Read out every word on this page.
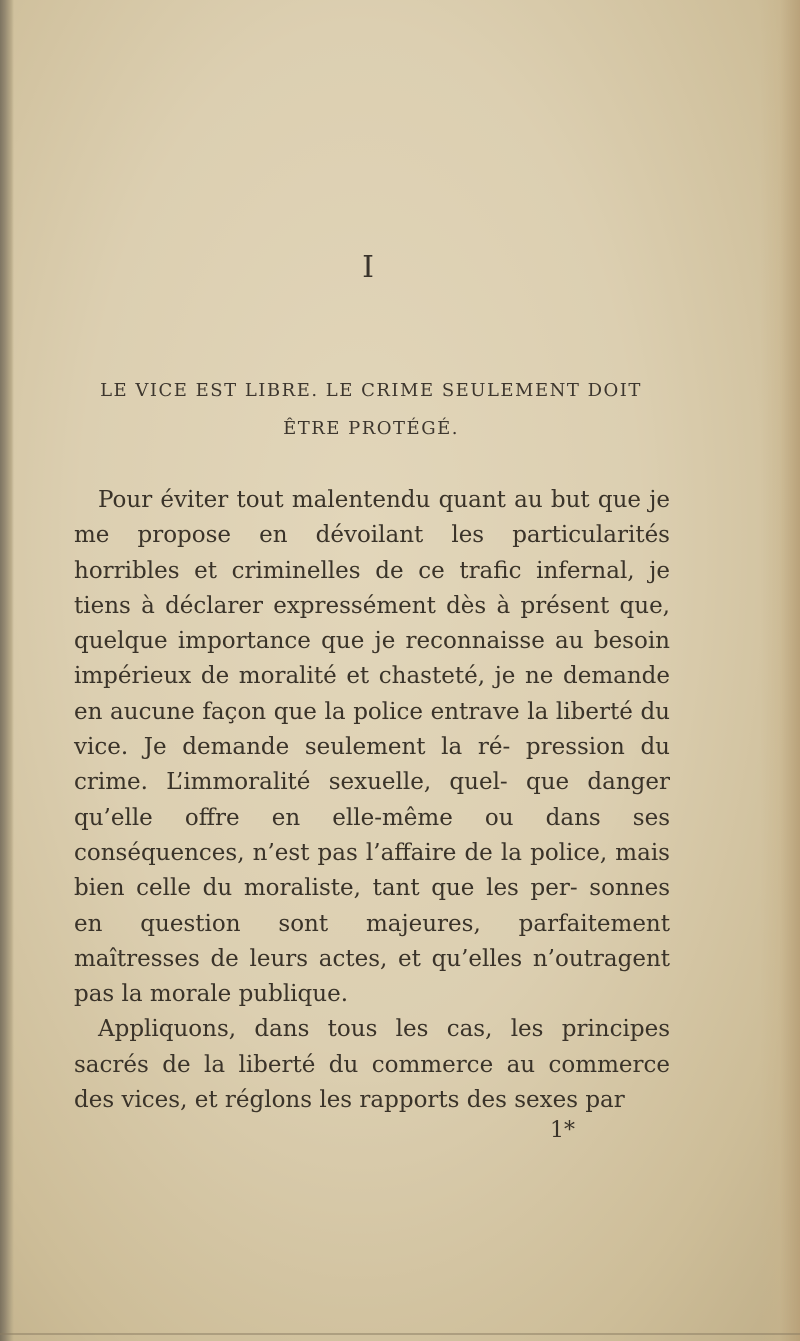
I
LE VICE EST LIBRE. LE CRIME SEULEMENT DOIT ÊTRE PROTÉGÉ.

Pour éviter tout malentendu quant au but que je me propose en dévoilant les particularités horribles et criminelles de ce trafic infernal, je tiens à déclarer expressément dès à présent que, quelque importance que je reconnaisse au besoin impérieux de moralité et chasteté, je ne demande en aucune façon que la police entrave la liberté du vice. Je demande seulement la ré- pression du crime. L’immoralité sexuelle, quel- que danger qu’elle offre en elle-même ou dans ses conséquences, n’est pas l’affaire de la police, mais bien celle du moraliste, tant que les per- sonnes en question sont majeures, parfaitement maîtresses de leurs actes, et qu’elles n’outragent pas la morale publique.

Appliquons, dans tous les cas, les principes sacrés de la liberté du commerce au commerce des vices, et réglons les rapports des sexes par

1*
